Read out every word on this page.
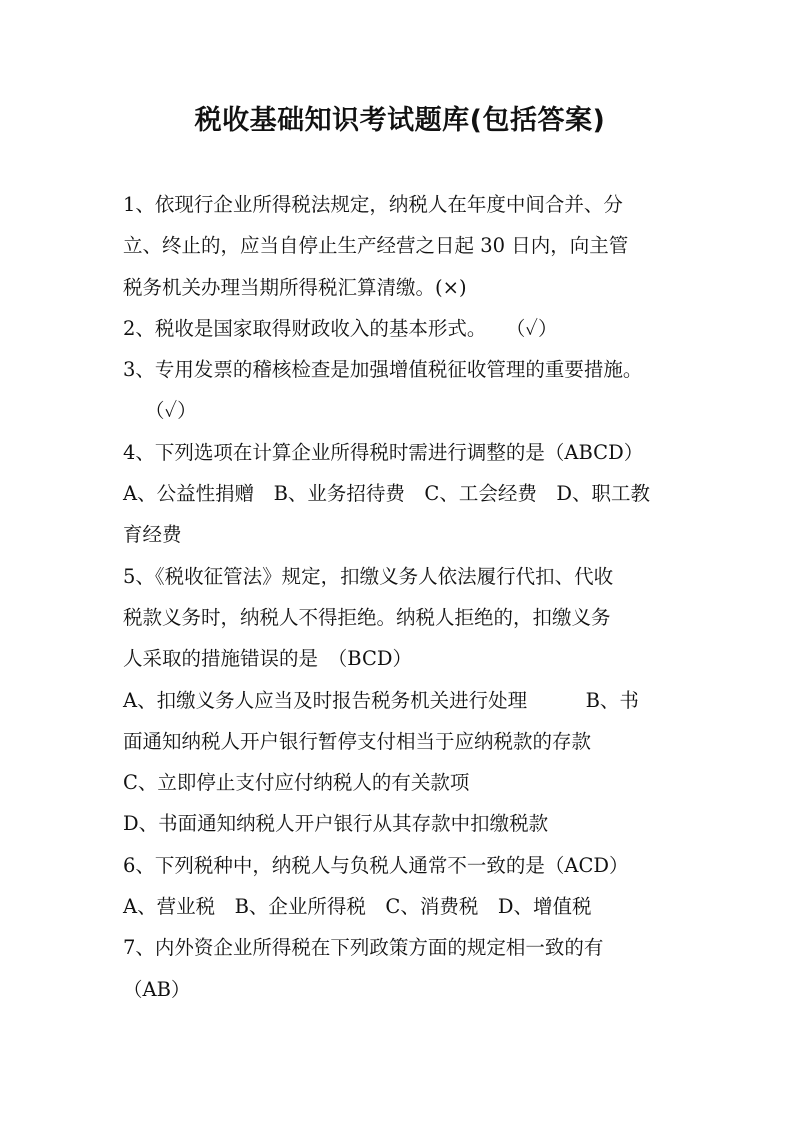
税收基础知识考试题库(包括答案)
1、依现行企业所得税法规定，纳税人在年度中间合并、分
立、终止的，应当自停止生产经营之日起 30 日内，向主管
税务机关办理当期所得税汇算清缴。(×)
2、税收是国家取得财政收入的基本形式。　　（✓）
3、专用发票的稽核检查是加强增值税征收管理的重要措施。
（✓）
4、下列选项在计算企业所得税时需进行调整的是（ABCD）
A、公益性捐赠　B、业务招待费　C、工会经费　D、职工教
育经费
5、《税收征管法》规定，扣缴义务人依法履行代扣、代收
税款义务时，纳税人不得拒绝。纳税人拒绝的，扣缴义务
人采取的措施错误的是　（BCD）
A、扣缴义务人应当及时报告税务机关进行处理　　　B、书
面通知纳税人开户银行暂停支付相当于应纳税款的存款
C、立即停止支付应付纳税人的有关款项
D、书面通知纳税人开户银行从其存款中扣缴税款
6、下列税种中，纳税人与负税人通常不一致的是（ACD）
A、营业税　B、企业所得税　C、消费税　D、增值税
7、内外资企业所得税在下列政策方面的规定相一致的有
（AB）
